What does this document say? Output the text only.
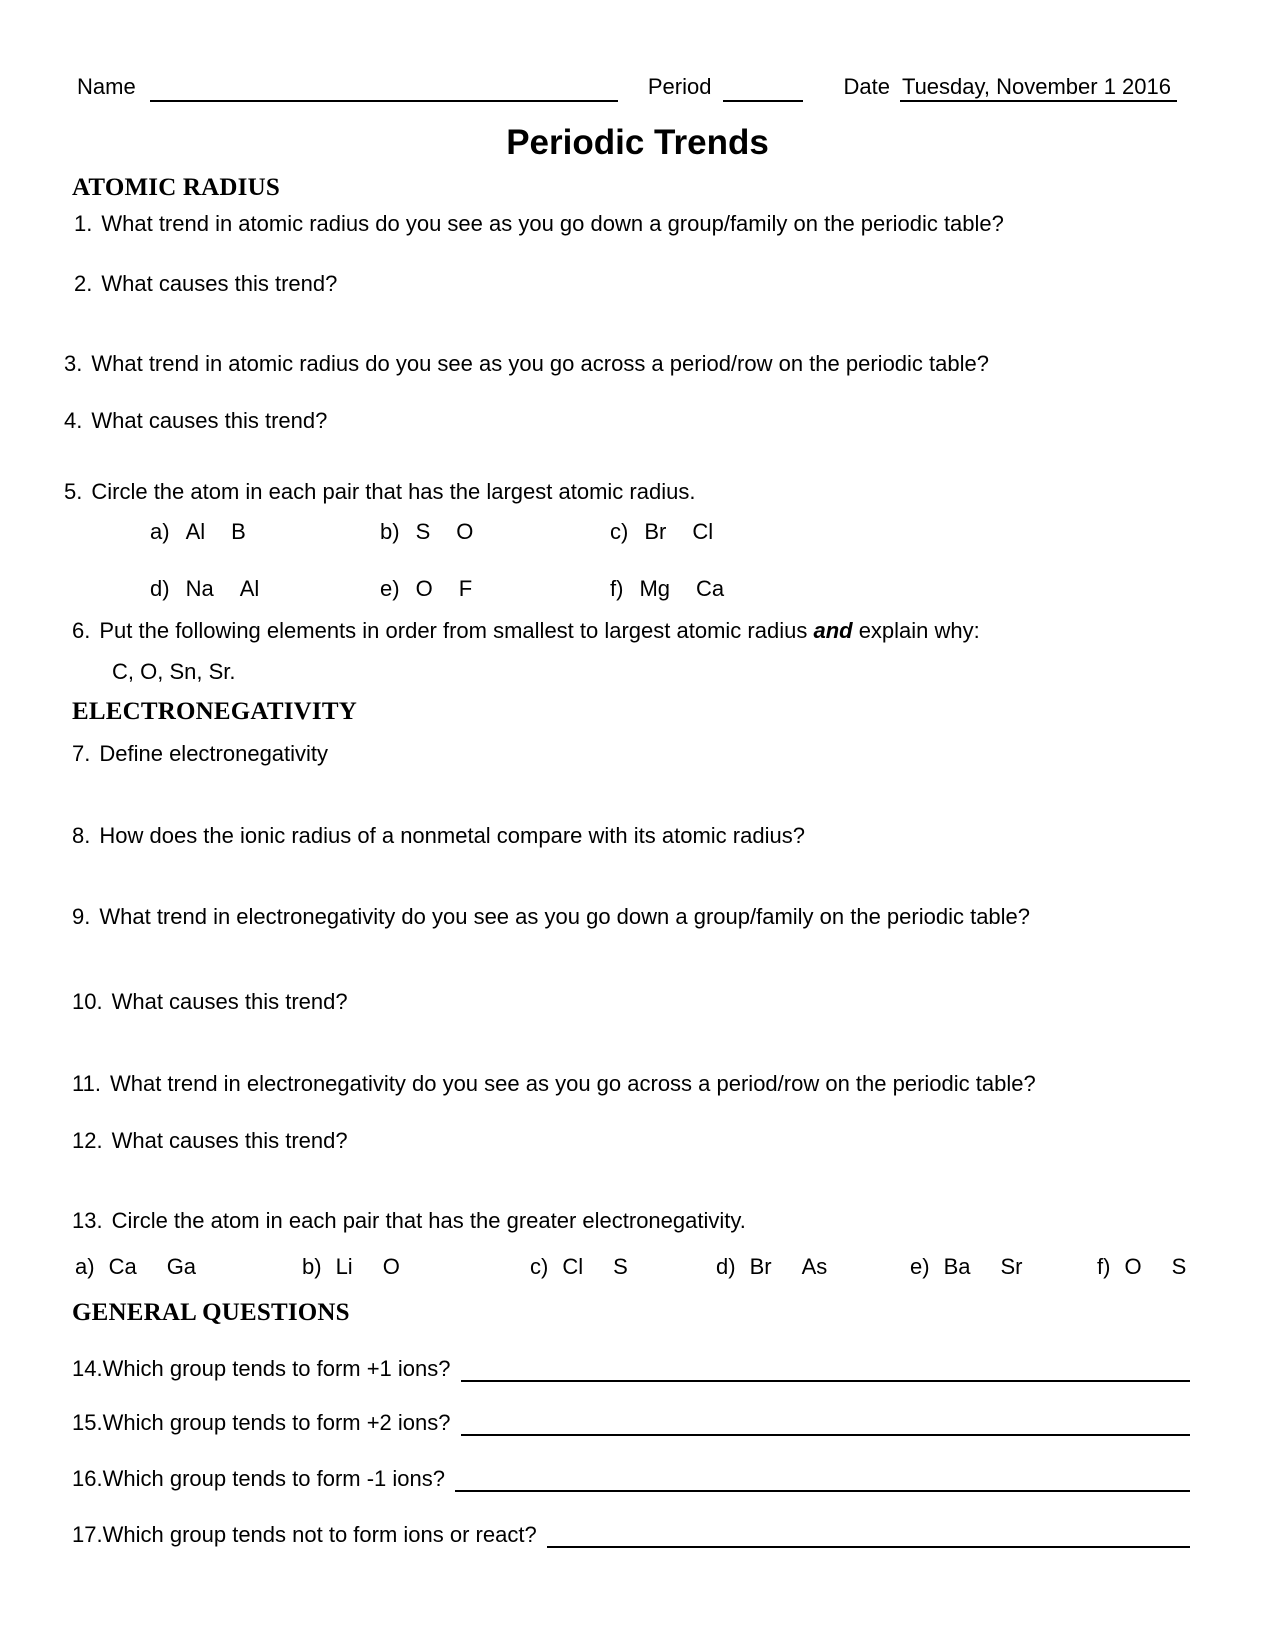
Name	Period	Date Tuesday, November 1 2016
Periodic Trends
ATOMIC RADIUS
1. What trend in atomic radius do you see as you go down a group/family on the periodic table?
2. What causes this trend?
3. What trend in atomic radius do you see as you go across a period/row on the periodic table?
4. What causes this trend?
5. Circle the atom in each pair that has the largest atomic radius.
a) Al B	b) S O	c) Br Cl
d) Na Al	e) O F	f) Mg Ca
6. Put the following elements in order from smallest to largest atomic radius and explain why:
C, O, Sn, Sr.
ELECTRONEGATIVITY
7. Define electronegativity
8. How does the ionic radius of a nonmetal compare with its atomic radius?
9. What trend in electronegativity do you see as you go down a group/family on the periodic table?
10. What causes this trend?
11. What trend in electronegativity do you see as you go across a period/row on the periodic table?
12. What causes this trend?
13. Circle the atom in each pair that has the greater electronegativity.
a) Ca Ga	b) Li O	c) Cl S	d) Br As	e) Ba Sr	f) O S
GENERAL QUESTIONS
14.Which group tends to form +1 ions?
15.Which group tends to form +2 ions?
16.Which group tends to form -1 ions?
17.Which group tends not to form ions or react?
